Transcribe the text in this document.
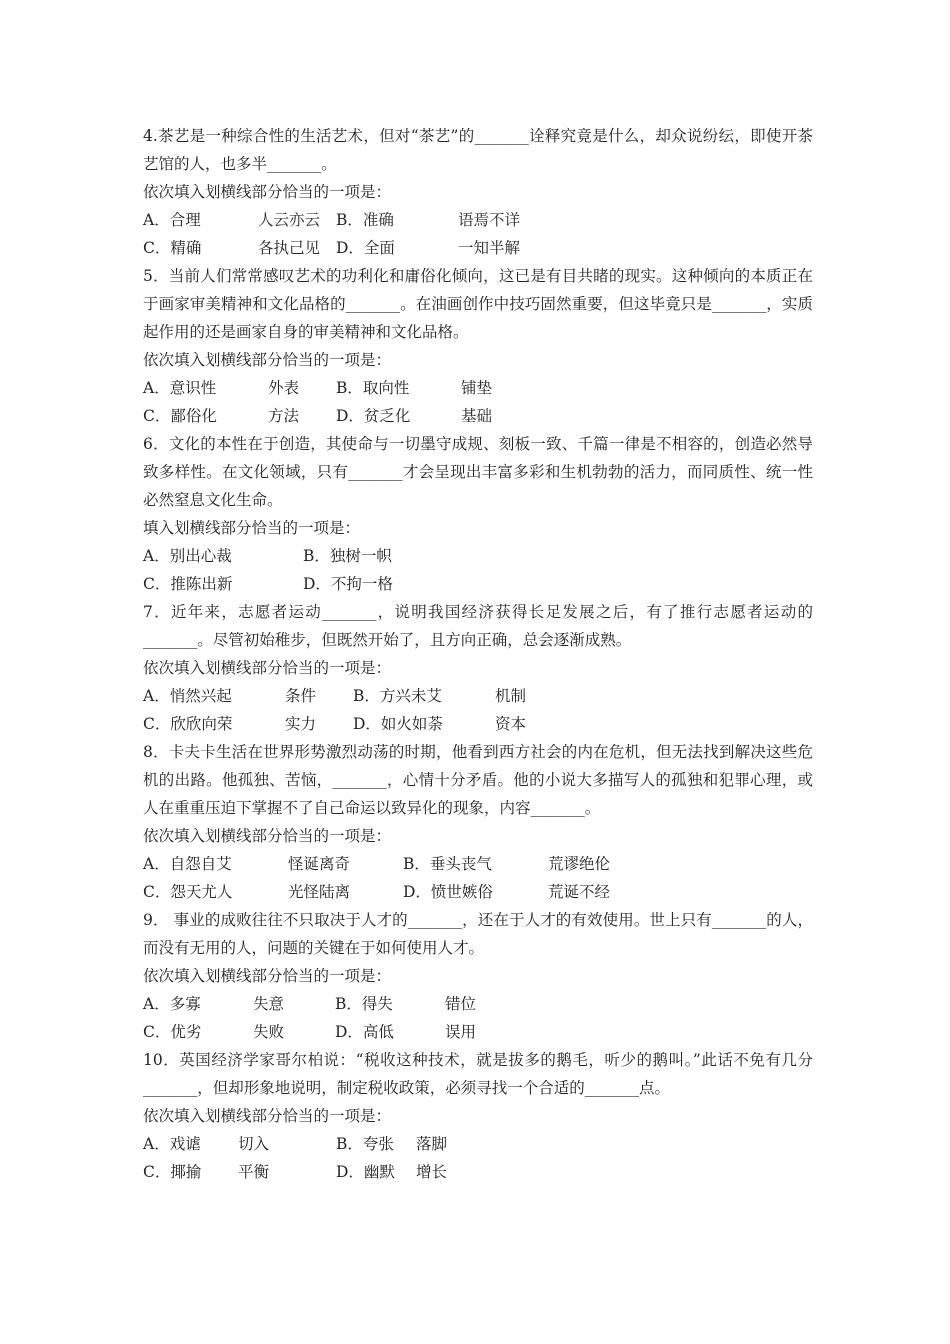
4.茶艺是一种综合性的生活艺术，但对“茶艺”的_______诠释究竟是什么，却众说纷纭，即使开茶艺馆的人，也多半_______。
依次填入划横线部分恰当的一项是：
A．合理	人云亦云	B．准确	语焉不详
C．精确	各执己见	D．全面	一知半解
5．当前人们常常感叹艺术的功利化和庸俗化倾向，这已是有目共睹的现实。这种倾向的本质正在于画家审美精神和文化品格的_______。在油画创作中技巧固然重要，但这毕竟只是_______，实质起作用的还是画家自身的审美精神和文化品格。
依次填入划横线部分恰当的一项是：
A．意识性	外表	B．取向性	铺垫
C．鄙俗化	方法	D．贫乏化	基础
6．文化的本性在于创造，其使命与一切墨守成规、刻板一致、千篇一律是不相容的，创造必然导致多样性。在文化领域，只有_______才会呈现出丰富多彩和生机勃勃的活力，而同质性、统一性必然窒息文化生命。
填入划横线部分恰当的一项是：
A．别出心裁	B．独树一帜
C．推陈出新	D．不拘一格
7．近年来，志愿者运动_______，说明我国经济获得长足发展之后，有了推行志愿者运动的_______。尽管初始稚步，但既然开始了，且方向正确，总会逐渐成熟。
依次填入划横线部分恰当的一项是：
A．悄然兴起	条件	B．方兴未艾	机制
C．欣欣向荣	实力	D．如火如荼	资本
8．卡夫卡生活在世界形势激烈动荡的时期，他看到西方社会的内在危机，但无法找到解决这些危机的出路。他孤独、苦恼，_______，心情十分矛盾。他的小说大多描写人的孤独和犯罪心理，或人在重重压迫下掌握不了自己命运以致异化的现象，内容_______。
依次填入划横线部分恰当的一项是：
A．自怨自艾	怪诞离奇	B．垂头丧气	荒谬绝伦
C．怨天尤人	光怪陆离	D．愤世嫉俗	荒诞不经
9． 事业的成败往往不只取决于人才的_______，还在于人才的有效使用。世上只有_______的人，而没有无用的人，问题的关键在于如何使用人才。
依次填入划横线部分恰当的一项是：
A．多寡	失意	B．得失	错位
C．优劣	失败	D．高低	误用
10．英国经济学家哥尔柏说：“税收这种技术，就是拔多的鹅毛，听少的鹅叫。”此话不免有几分_______，但却形象地说明，制定税收政策，必须寻找一个合适的_______点。
依次填入划横线部分恰当的一项是：
A．戏谑	切入	B．夸张	落脚
C．揶揄	平衡	D．幽默	增长
